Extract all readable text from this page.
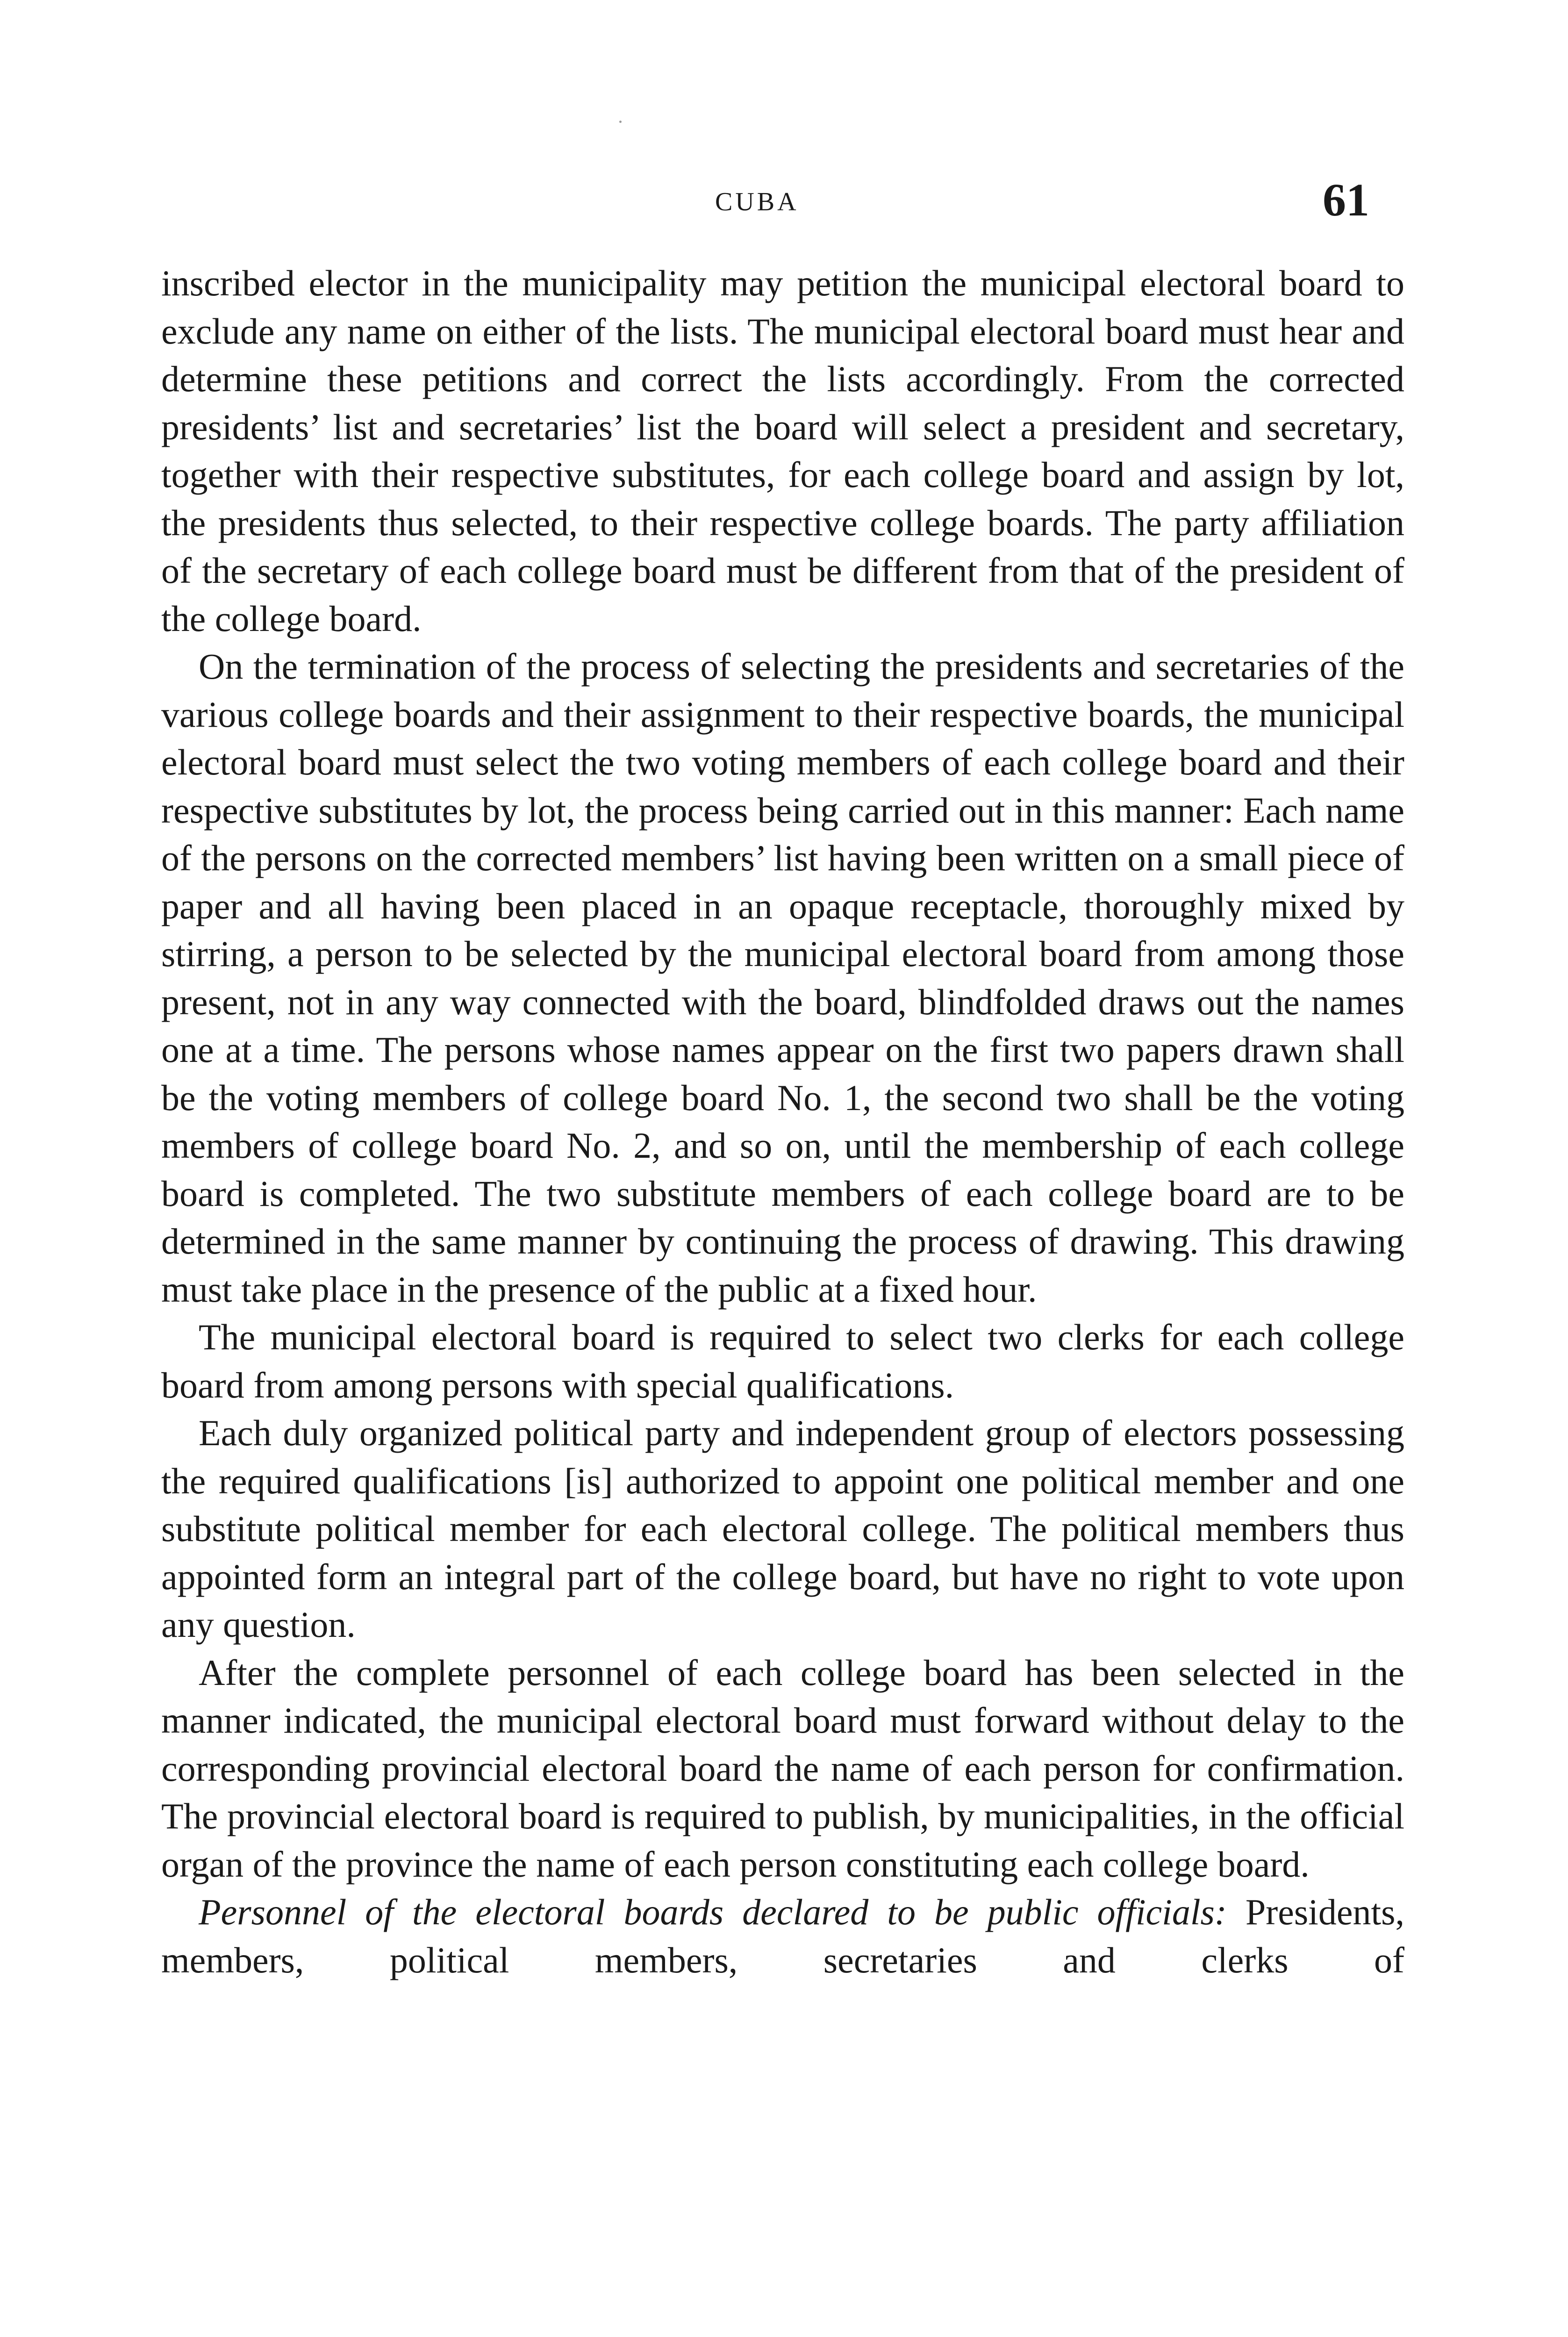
CUBA	61

inscribed elector in the municipality may petition the municipal electoral board to exclude any name on either of the lists. The municipal electoral board must hear and determine these petitions and correct the lists accordingly. From the corrected presidents’ list and secretaries’ list the board will select a president and secretary, together with their respective substitutes, for each college board and assign by lot, the presidents thus selected, to their respective college boards. The party affiliation of the secretary of each college board must be different from that of the president of the college board.

On the termination of the process of selecting the presidents and secretaries of the various college boards and their assignment to their respective boards, the municipal electoral board must select the two voting members of each college board and their respective substitutes by lot, the process being carried out in this manner: Each name of the persons on the corrected members’ list having been written on a small piece of paper and all having been placed in an opaque receptacle, thoroughly mixed by stirring, a person to be selected by the municipal electoral board from among those present, not in any way connected with the board, blindfolded draws out the names one at a time. The persons whose names appear on the first two papers drawn shall be the voting members of college board No. 1, the second two shall be the voting members of college board No. 2, and so on, until the membership of each college board is completed. The two substitute members of each college board are to be determined in the same manner by continuing the process of drawing. This drawing must take place in the presence of the public at a fixed hour.

The municipal electoral board is required to select two clerks for each college board from among persons with special qualifications.

Each duly organized political party and independent group of electors possessing the required qualifications [is] authorized to appoint one political member and one substitute political member for each electoral college. The political members thus appointed form an integral part of the college board, but have no right to vote upon any question.

After the complete personnel of each college board has been selected in the manner indicated, the municipal electoral board must forward without delay to the corresponding provincial electoral board the name of each person for confirmation. The provincial electoral board is required to publish, by municipalities, in the official organ of the province the name of each person constituting each college board.

Personnel of the electoral boards declared to be public officials: Presidents, members, political members, secretaries and clerks of
